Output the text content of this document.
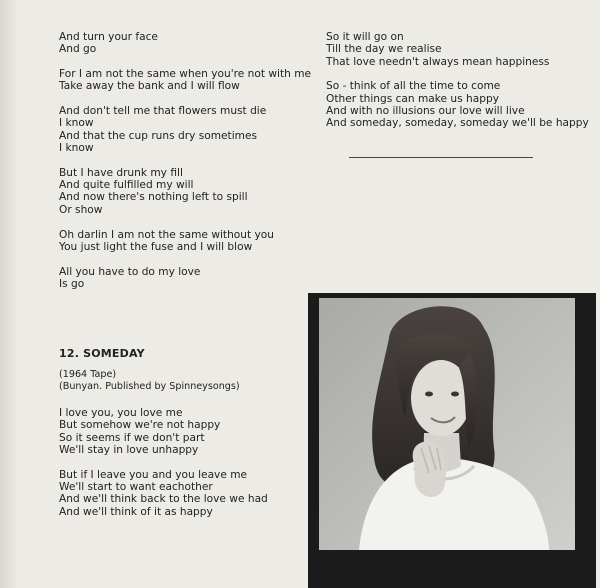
And turn your face
And go
For I am not the same when you're not with me
Take away the bank and I will flow
And don't tell me that flowers must die
I know
And that the cup runs dry sometimes
I know
But I have drunk my fill
And quite fulfilled my will
And now there's nothing left to spill
Or show
Oh darlin I am not the same without you
You just light the fuse and I will blow
All you have to do my love
Is go
12. SOMEDAY
(1964 Tape)
(Bunyan. Published by Spinneysongs)
I love you, you love me
But somehow we're not happy
So it seems if we don't part
We'll stay in love unhappy
But if I leave you and you leave me
We'll start to want eachother
And we'll think back to the love we had
And we'll think of it as happy
So it will go on
Till the day we realise
That love needn't always mean happiness
So - think of all the time to come
Other things can make us happy
And with no illusions our love will live
And someday, someday, someday we'll be happy
